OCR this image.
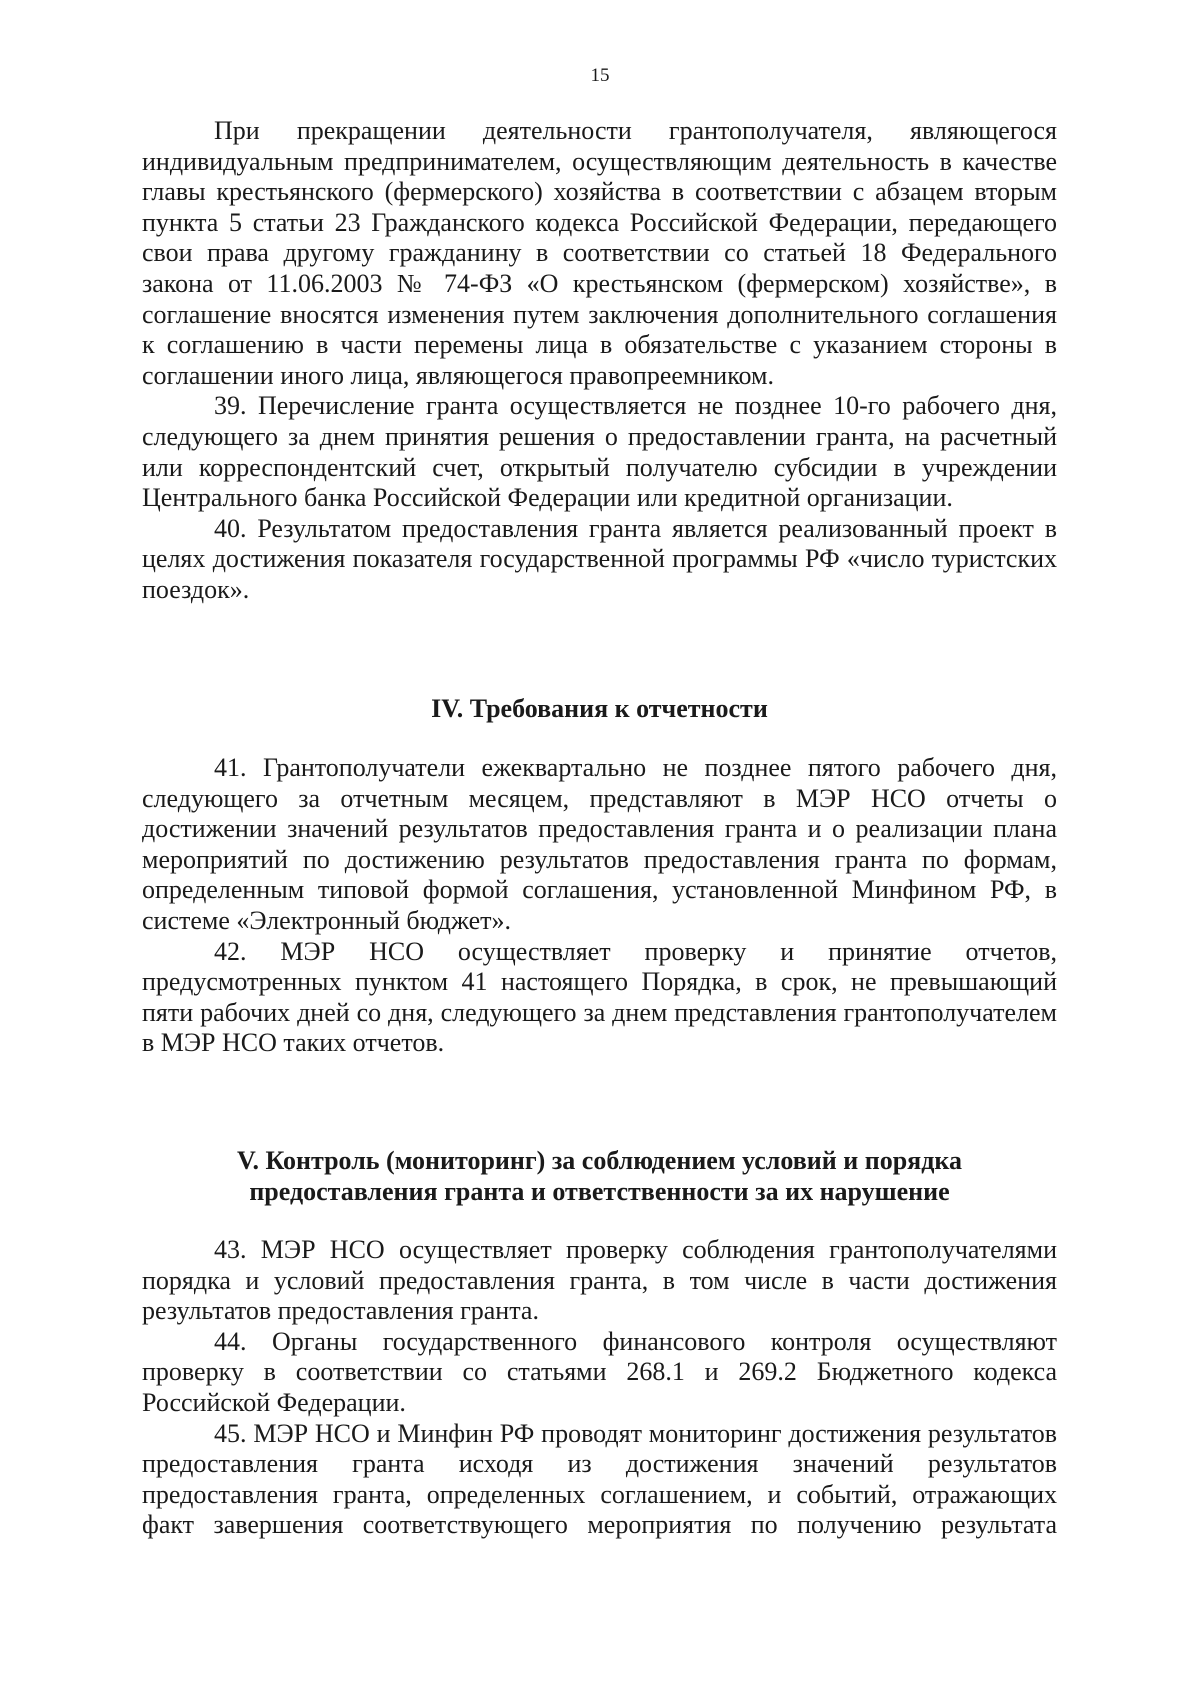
15

При прекращении деятельности грантополучателя, являющегося индивидуальным предпринимателем, осуществляющим деятельность в качестве главы крестьянского (фермерского) хозяйства в соответствии с абзацем вторым пункта 5 статьи 23 Гражданского кодекса Российской Федерации, передающего свои права другому гражданину в соответствии со статьей 18 Федерального закона от 11.06.2003 № 74-ФЗ «О крестьянском (фермерском) хозяйстве», в соглашение вносятся изменения путем заключения дополнительного соглашения к соглашению в части перемены лица в обязательстве с указанием стороны в соглашении иного лица, являющегося правопреемником.

39. Перечисление гранта осуществляется не позднее 10-го рабочего дня, следующего за днем принятия решения о предоставлении гранта, на расчетный или корреспондентский счет, открытый получателю субсидии в учреждении Центрального банка Российской Федерации или кредитной организации.

40. Результатом предоставления гранта является реализованный проект в целях достижения показателя государственной программы РФ «число туристских поездок».

IV. Требования к отчетности

41. Грантополучатели ежеквартально не позднее пятого рабочего дня, следующего за отчетным месяцем, представляют в МЭР НСО отчеты о достижении значений результатов предоставления гранта и о реализации плана мероприятий по достижению результатов предоставления гранта по формам, определенным типовой формой соглашения, установленной Минфином РФ, в системе «Электронный бюджет».

42. МЭР НСО осуществляет проверку и принятие отчетов, предусмотренных пунктом 41 настоящего Порядка, в срок, не превышающий пяти рабочих дней со дня, следующего за днем представления грантополучателем в МЭР НСО таких отчетов.

V. Контроль (мониторинг) за соблюдением условий и порядка
предоставления гранта и ответственности за их нарушение

43. МЭР НСО осуществляет проверку соблюдения грантополучателями порядка и условий предоставления гранта, в том числе в части достижения результатов предоставления гранта.

44. Органы государственного финансового контроля осуществляют проверку в соответствии со статьями 268.1 и 269.2 Бюджетного кодекса Российской Федерации.

45. МЭР НСО и Минфин РФ проводят мониторинг достижения результатов предоставления гранта исходя из достижения значений результатов предоставления гранта, определенных соглашением, и событий, отражающих факт завершения соответствующего мероприятия по получению результата
